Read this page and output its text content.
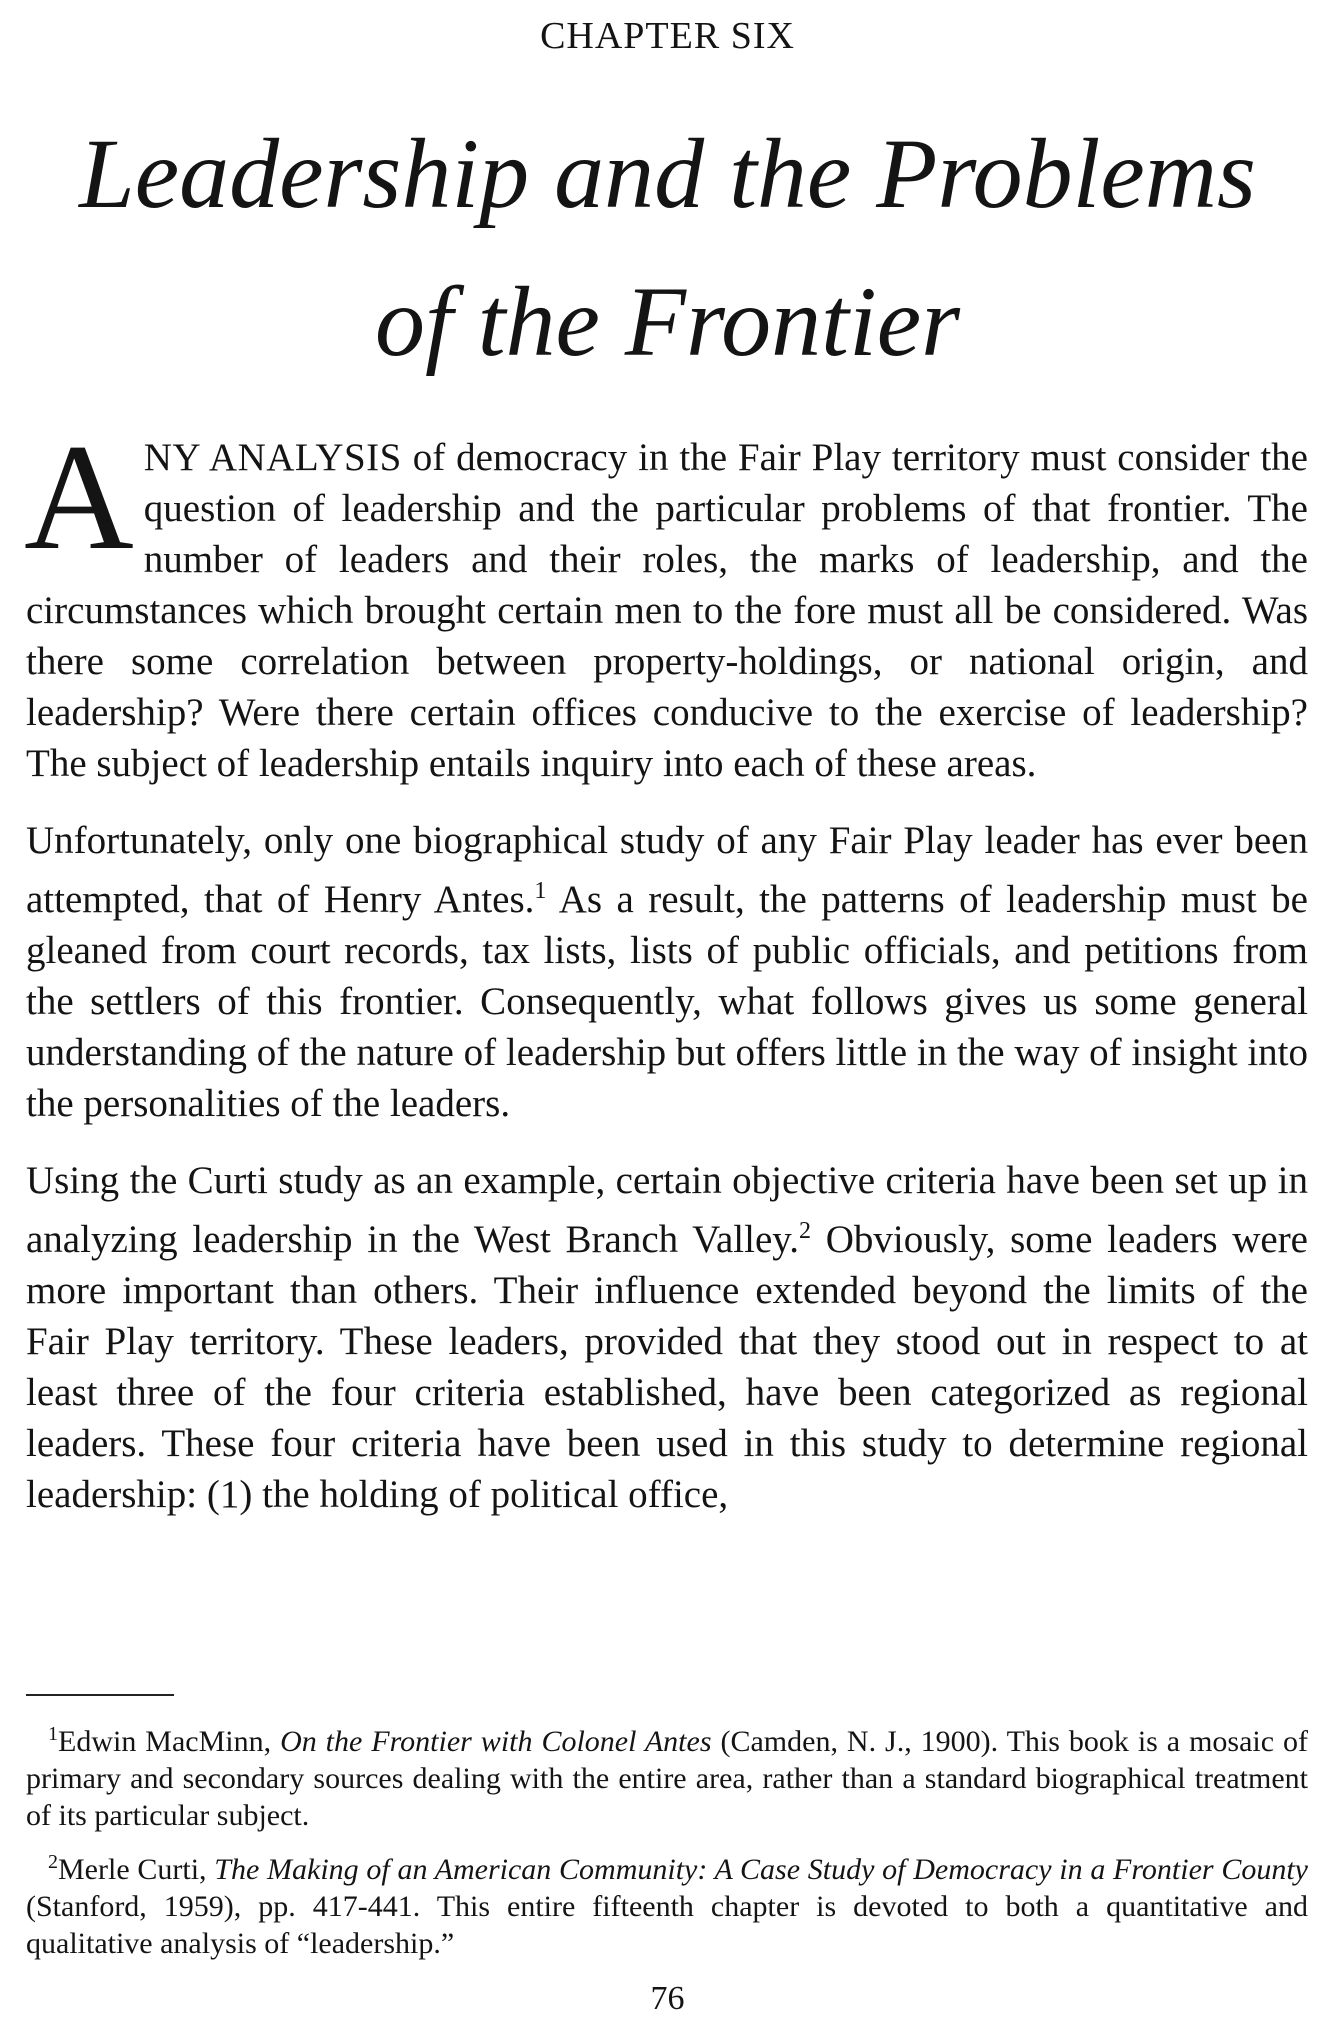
CHAPTER SIX
Leadership and the Problems
of the Frontier

ANY ANALYSIS of democracy in the Fair Play territory must consider the question of leadership and the particular problems of that frontier. The number of leaders and their roles, the marks of leadership, and the circumstances which brought certain men to the fore must all be considered. Was there some correlation between property-holdings, or national origin, and leadership? Were there certain offices conducive to the exercise of leadership? The subject of leadership entails inquiry into each of these areas.

Unfortunately, only one biographical study of any Fair Play leader has ever been attempted, that of Henry Antes.$^1$ As a result, the patterns of leadership must be gleaned from court records, tax lists, lists of public officials, and petitions from the settlers of this frontier. Consequently, what follows gives us some general understanding of the nature of leadership but offers little in the way of insight into the personalities of the leaders.

Using the Curti study as an example, certain objective criteria have been set up in analyzing leadership in the West Branch Valley.$^2$ Obviously, some leaders were more important than others. Their influence extended beyond the limits of the Fair Play territory. These leaders, provided that they stood out in respect to at least three of the four criteria established, have been categorized as regional leaders. These four criteria have been used in this study to determine regional leadership: (1) the holding of political office,

$^1$Edwin MacMinn, On the Frontier with Colonel Antes (Camden, N. J., 1900). This book is a mosaic of primary and secondary sources dealing with the entire area, rather than a standard biographical treatment of its particular subject.

$^2$Merle Curti, The Making of an American Community: A Case Study of Democracy in a Frontier County (Stanford, 1959), pp. 417-441. This entire fifteenth chapter is devoted to both a quantitative and qualitative analysis of “leadership.”

76
